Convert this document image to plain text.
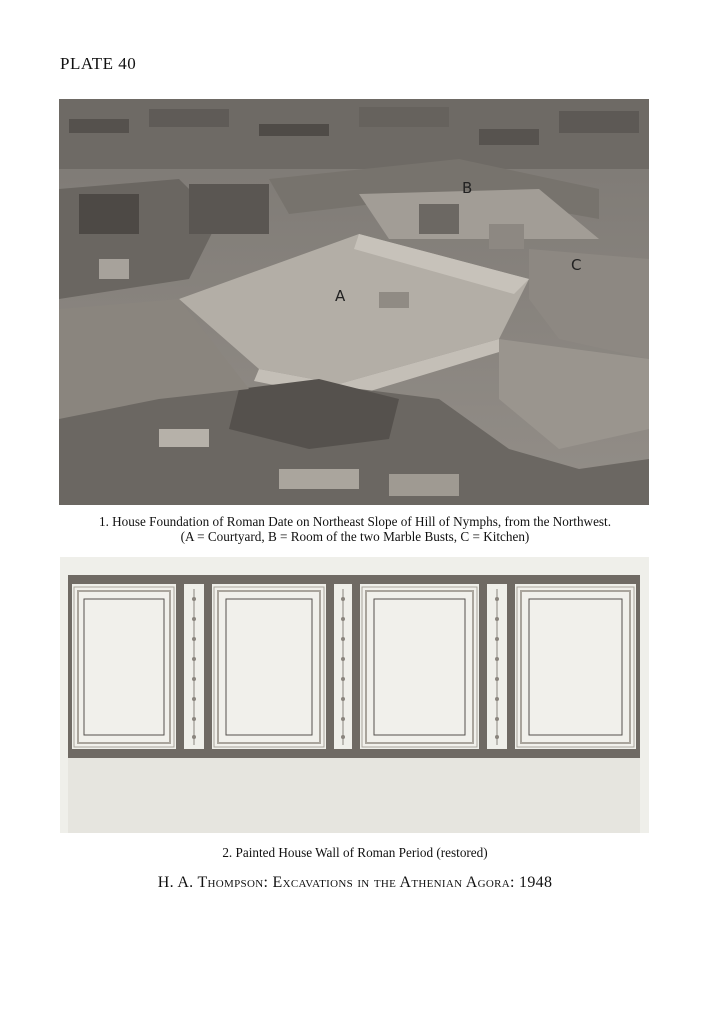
PLATE 40
A
B
C
1. House Foundation of Roman Date on Northeast Slope of Hill of Nymphs, from the Northwest.
(A = Courtyard, B = Room of the two Marble Busts, C = Kitchen)
2. Painted House Wall of Roman Period (restored)
H. A. Thompson: Excavations in the Athenian Agora: 1948
